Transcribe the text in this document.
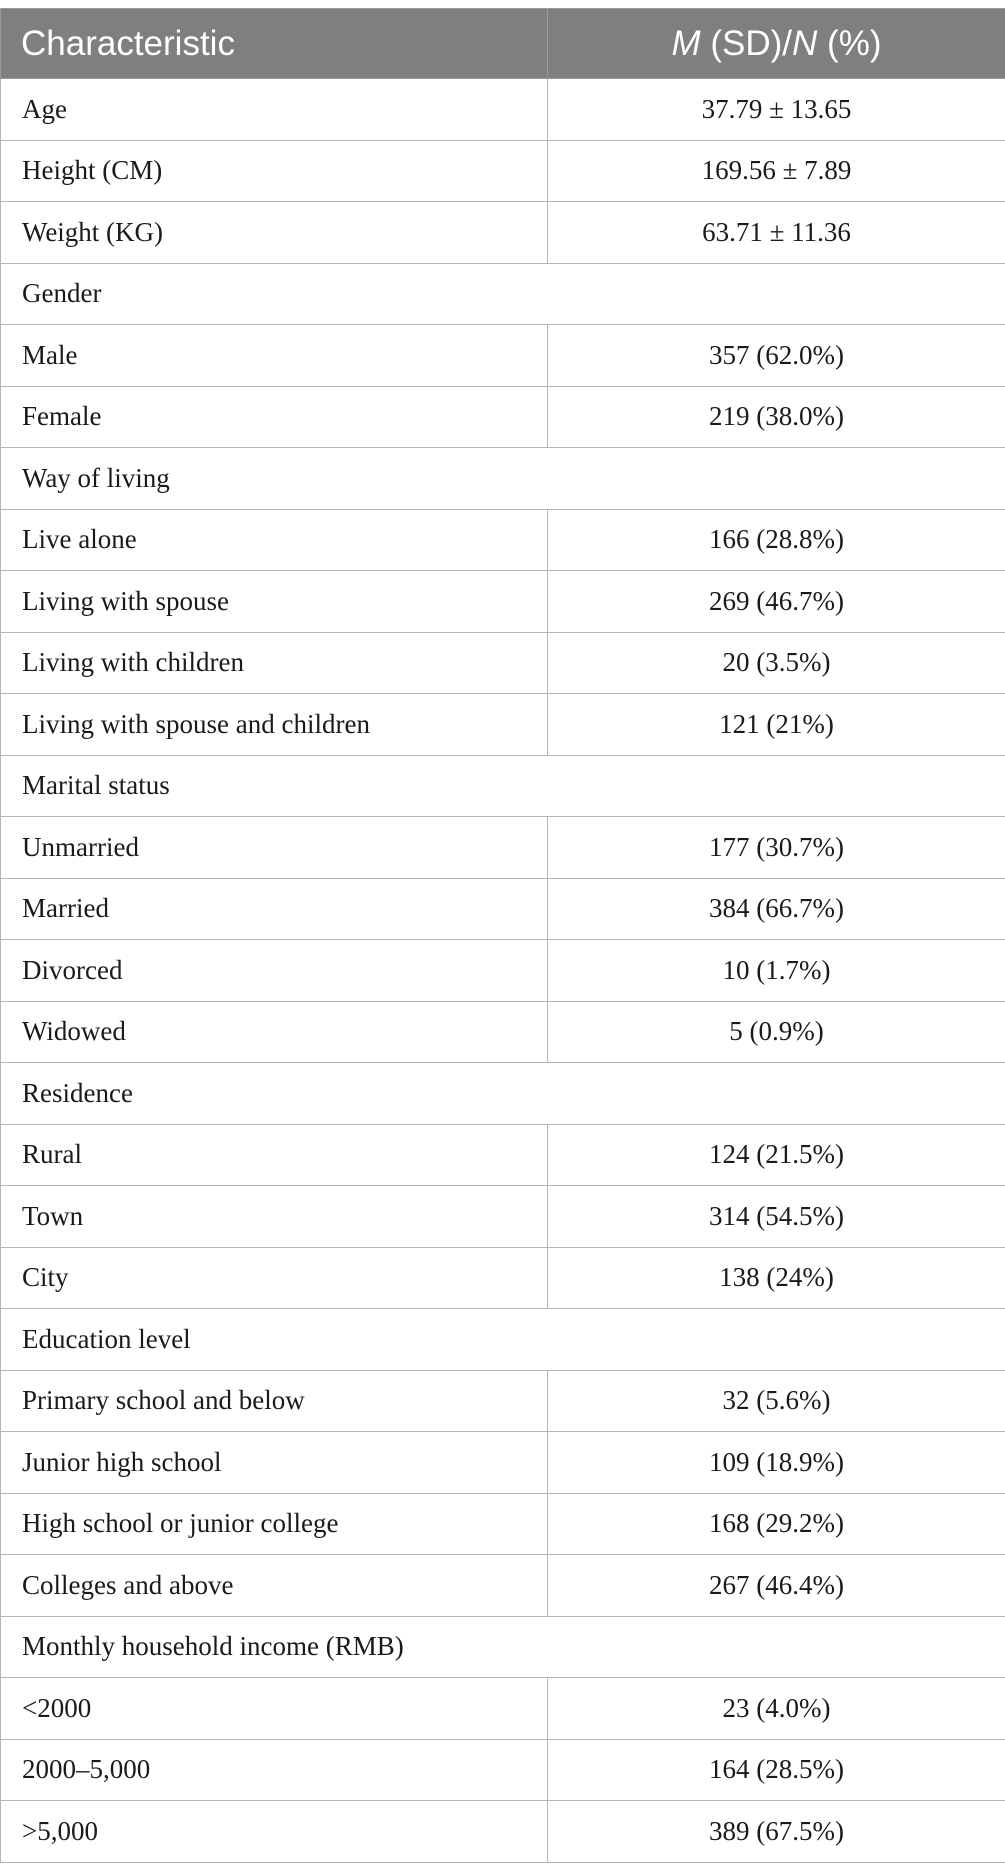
Characteristic	M (SD)/N (%)
Age	37.79 ± 13.65
Height (CM)	169.56 ± 7.89
Weight (KG)	63.71 ± 11.36
Gender	
Male	357 (62.0%)
Female	219 (38.0%)
Way of living	
Live alone	166 (28.8%)
Living with spouse	269 (46.7%)
Living with children	20 (3.5%)
Living with spouse and children	121 (21%)
Marital status	
Unmarried	177 (30.7%)
Married	384 (66.7%)
Divorced	10 (1.7%)
Widowed	5 (0.9%)
Residence	
Rural	124 (21.5%)
Town	314 (54.5%)
City	138 (24%)
Education level	
Primary school and below	32 (5.6%)
Junior high school	109 (18.9%)
High school or junior college	168 (29.2%)
Colleges and above	267 (46.4%)
Monthly household income (RMB)	
<2000	23 (4.0%)
2000–5,000	164 (28.5%)
>5,000	389 (67.5%)
